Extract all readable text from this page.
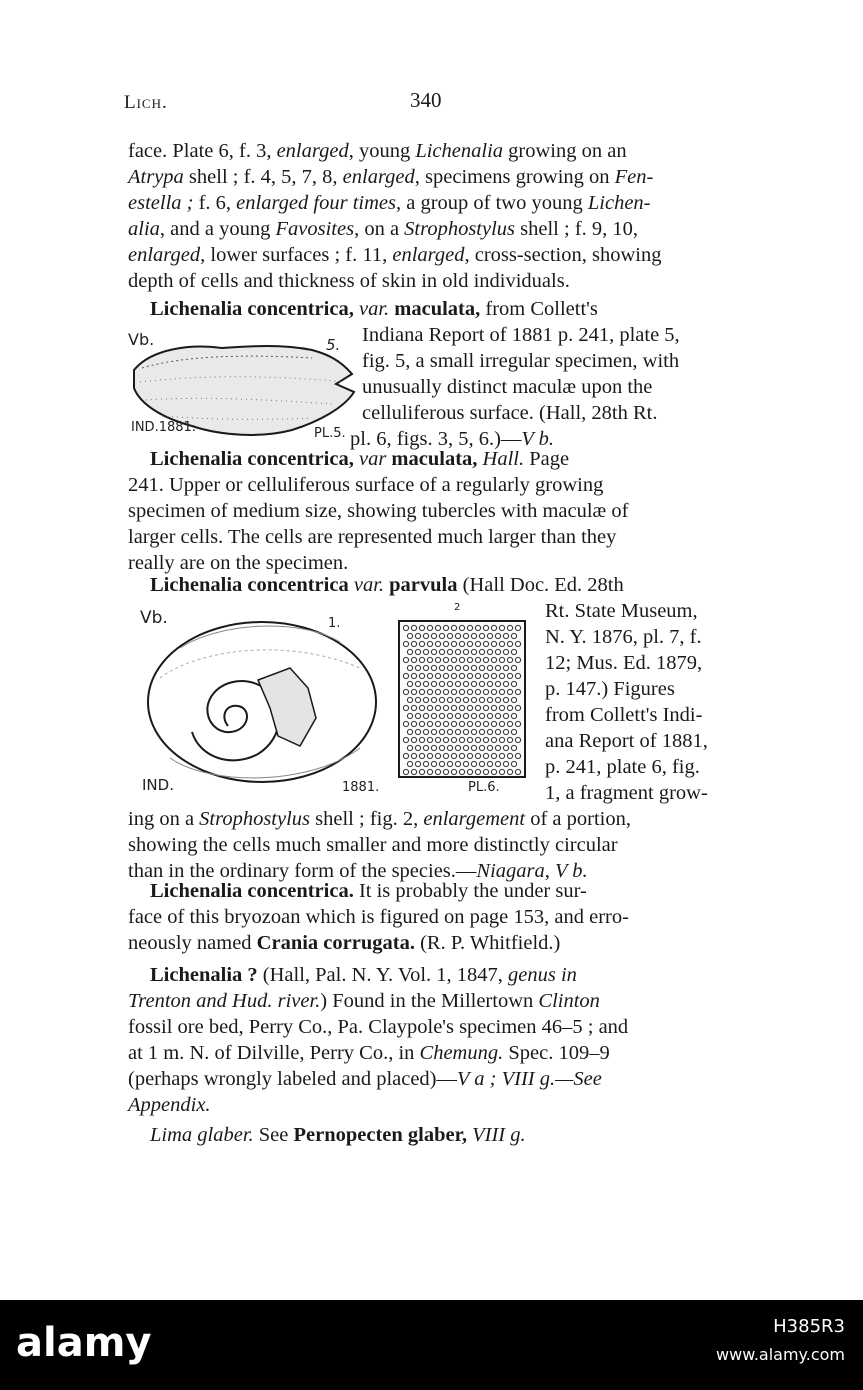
Lich.	340
face. Plate 6, f. 3, enlarged, young Lichenalia growing on an
Atrypa shell ; f. 4, 5, 7, 8, enlarged, specimens growing on Fen-
estella ; f. 6, enlarged four times, a group of two young Lichen-
alia, and a young Favosites, on a Strophostylus shell ; f. 9, 10,
enlarged, lower surfaces ; f. 11, enlarged, cross-section, showing
depth of cells and thickness of skin in old individuals.
Lichenalia concentrica, var. maculata, from Collett's
Indiana Report of 1881 p. 241, plate 5,
fig. 5, a small irregular specimen, with
unusually distinct maculæ upon the
celluliferous surface. (Hall, 28th Rt.
pl. 6, figs. 3, 5, 6.)—V b.
Vb.	5.
IND.1881.	PL.5.
Lichenalia concentrica, var maculata, Hall. Page
241. Upper or celluliferous surface of a regularly growing
specimen of medium size, showing tubercles with maculæ of
larger cells. The cells are represented much larger than they
really are on the specimen.
Lichenalia concentrica var. parvula (Hall Doc. Ed. 28th
Rt. State Museum,
N. Y. 1876, pl. 7, f.
12; Mus. Ed. 1879,
p. 147.) Figures
from Collett's Indi-
ana Report of 1881,
p. 241, plate 6, fig.
1, a fragment grow-
ing on a Strophostylus shell ; fig. 2, enlargement of a portion,
showing the cells much smaller and more distinctly circular
than in the ordinary form of the species.—Niagara, V b.
Vb.	1.
2
IND.	1881.	PL.6.
Lichenalia concentrica. It is probably the under sur-
face of this bryozoan which is figured on page 153, and erro-
neously named Crania corrugata. (R. P. Whitfield.)
Lichenalia ? (Hall, Pal. N. Y. Vol. 1, 1847, genus in
Trenton and Hud. river.) Found in the Millertown Clinton
fossil ore bed, Perry Co., Pa. Claypole's specimen 46–5 ; and
at 1 m. N. of Dilville, Perry Co., in Chemung. Spec. 109–9
(perhaps wrongly labeled and placed)—V a ; VIII g.—See
Appendix.
Lima glaber. See Pernopecten glaber, VIII g.
alamy	H385R3
www.alamy.com
